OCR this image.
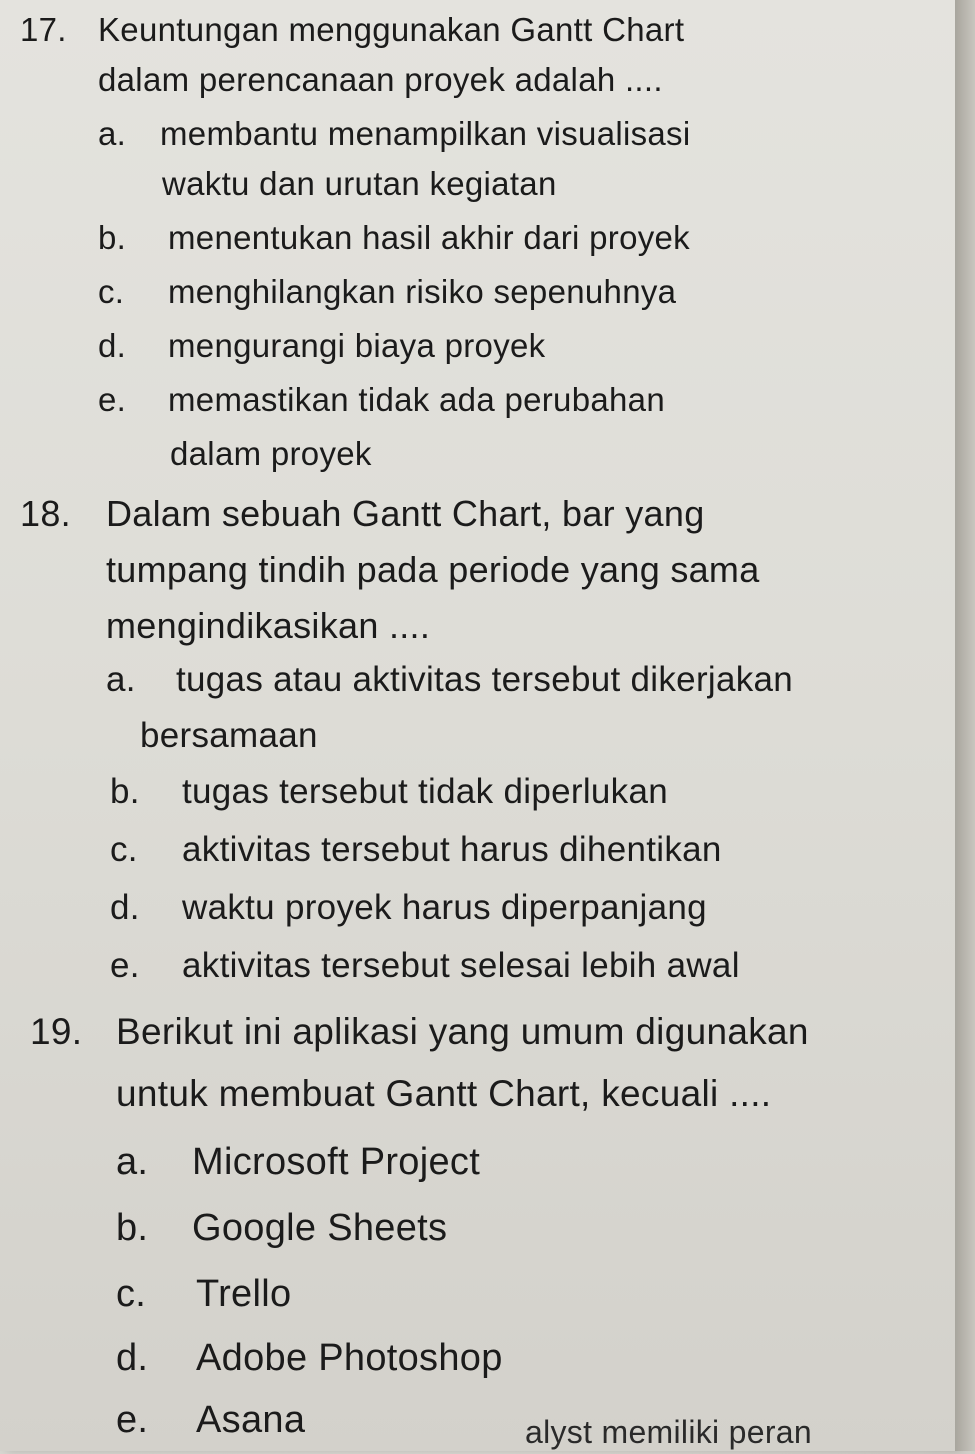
17. Keuntungan menggunakan Gantt Chart
dalam perencanaan proyek adalah ....
a. membantu menampilkan visualisasi
waktu dan urutan kegiatan
b. menentukan hasil akhir dari proyek
c. menghilangkan risiko sepenuhnya
d. mengurangi biaya proyek
e. memastikan tidak ada perubahan
dalam proyek
18. Dalam sebuah Gantt Chart, bar yang
tumpang tindih pada periode yang sama
mengindikasikan ....
a. tugas atau aktivitas tersebut dikerjakan
bersamaan
b. tugas tersebut tidak diperlukan
c. aktivitas tersebut harus dihentikan
d. waktu proyek harus diperpanjang
e. aktivitas tersebut selesai lebih awal
19. Berikut ini aplikasi yang umum digunakan
untuk membuat Gantt Chart, kecuali ....
a. Microsoft Project
b. Google Sheets
c. Trello
d. Adobe Photoshop
e. Asana	alyst memiliki peran
